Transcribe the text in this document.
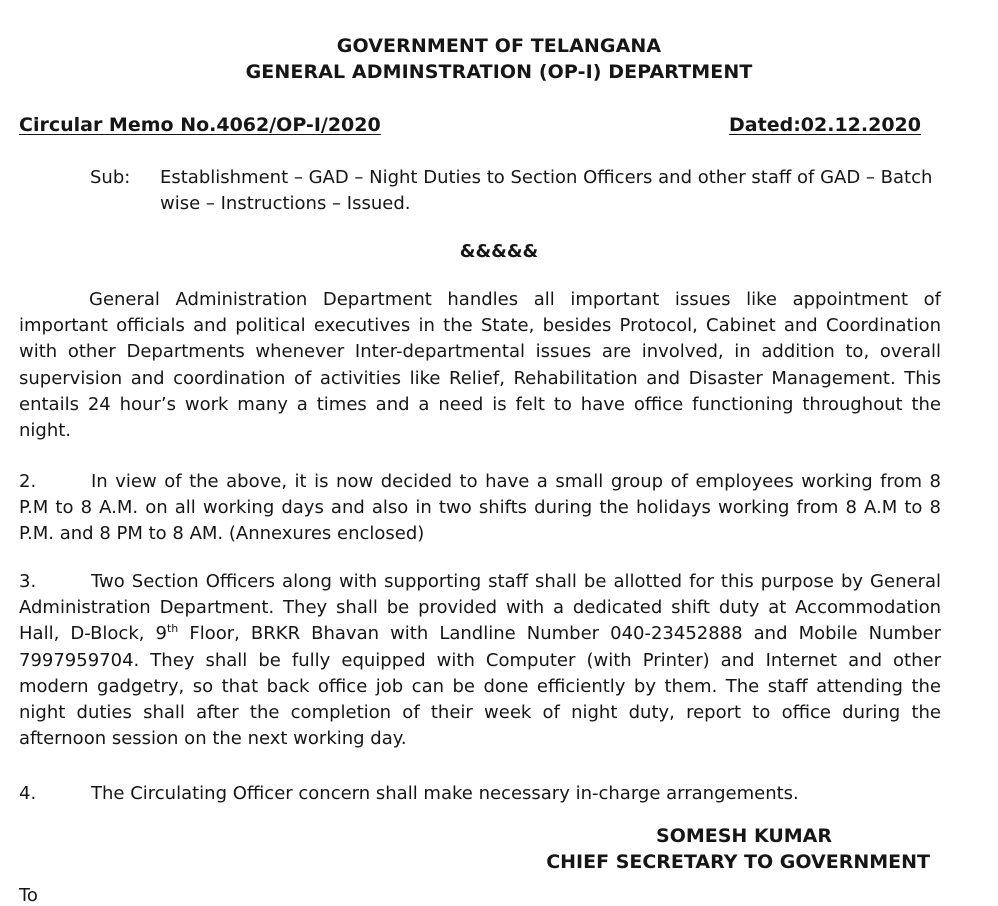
GOVERNMENT OF TELANGANA
GENERAL ADMINSTRATION (OP-I) DEPARTMENT
Circular Memo No.4062/OP-I/2020	Dated:02.12.2020
Sub: Establishment – GAD – Night Duties to Section Officers and other staff of GAD – Batch wise – Instructions – Issued.
&&&&&
General Administration Department handles all important issues like appointment of important officials and political executives in the State, besides Protocol, Cabinet and Coordination with other Departments whenever Inter-departmental issues are involved, in addition to, overall supervision and coordination of activities like Relief, Rehabilitation and Disaster Management. This entails 24 hour’s work many a times and a need is felt to have office functioning throughout the night.
2.	In view of the above, it is now decided to have a small group of employees working from 8 P.M to 8 A.M. on all working days and also in two shifts during the holidays working from 8 A.M to 8 P.M. and 8 PM to 8 AM. (Annexures enclosed)
3.	Two Section Officers along with supporting staff shall be allotted for this purpose by General Administration Department. They shall be provided with a dedicated shift duty at Accommodation Hall, D-Block, 9th Floor, BRKR Bhavan with Landline Number 040-23452888 and Mobile Number 7997959704. They shall be fully equipped with Computer (with Printer) and Internet and other modern gadgetry, so that back office job can be done efficiently by them. The staff attending the night duties shall after the completion of their week of night duty, report to office during the afternoon session on the next working day.
4.	The Circulating Officer concern shall make necessary in-charge arrangements.
SOMESH KUMAR
CHIEF SECRETARY TO GOVERNMENT
To
